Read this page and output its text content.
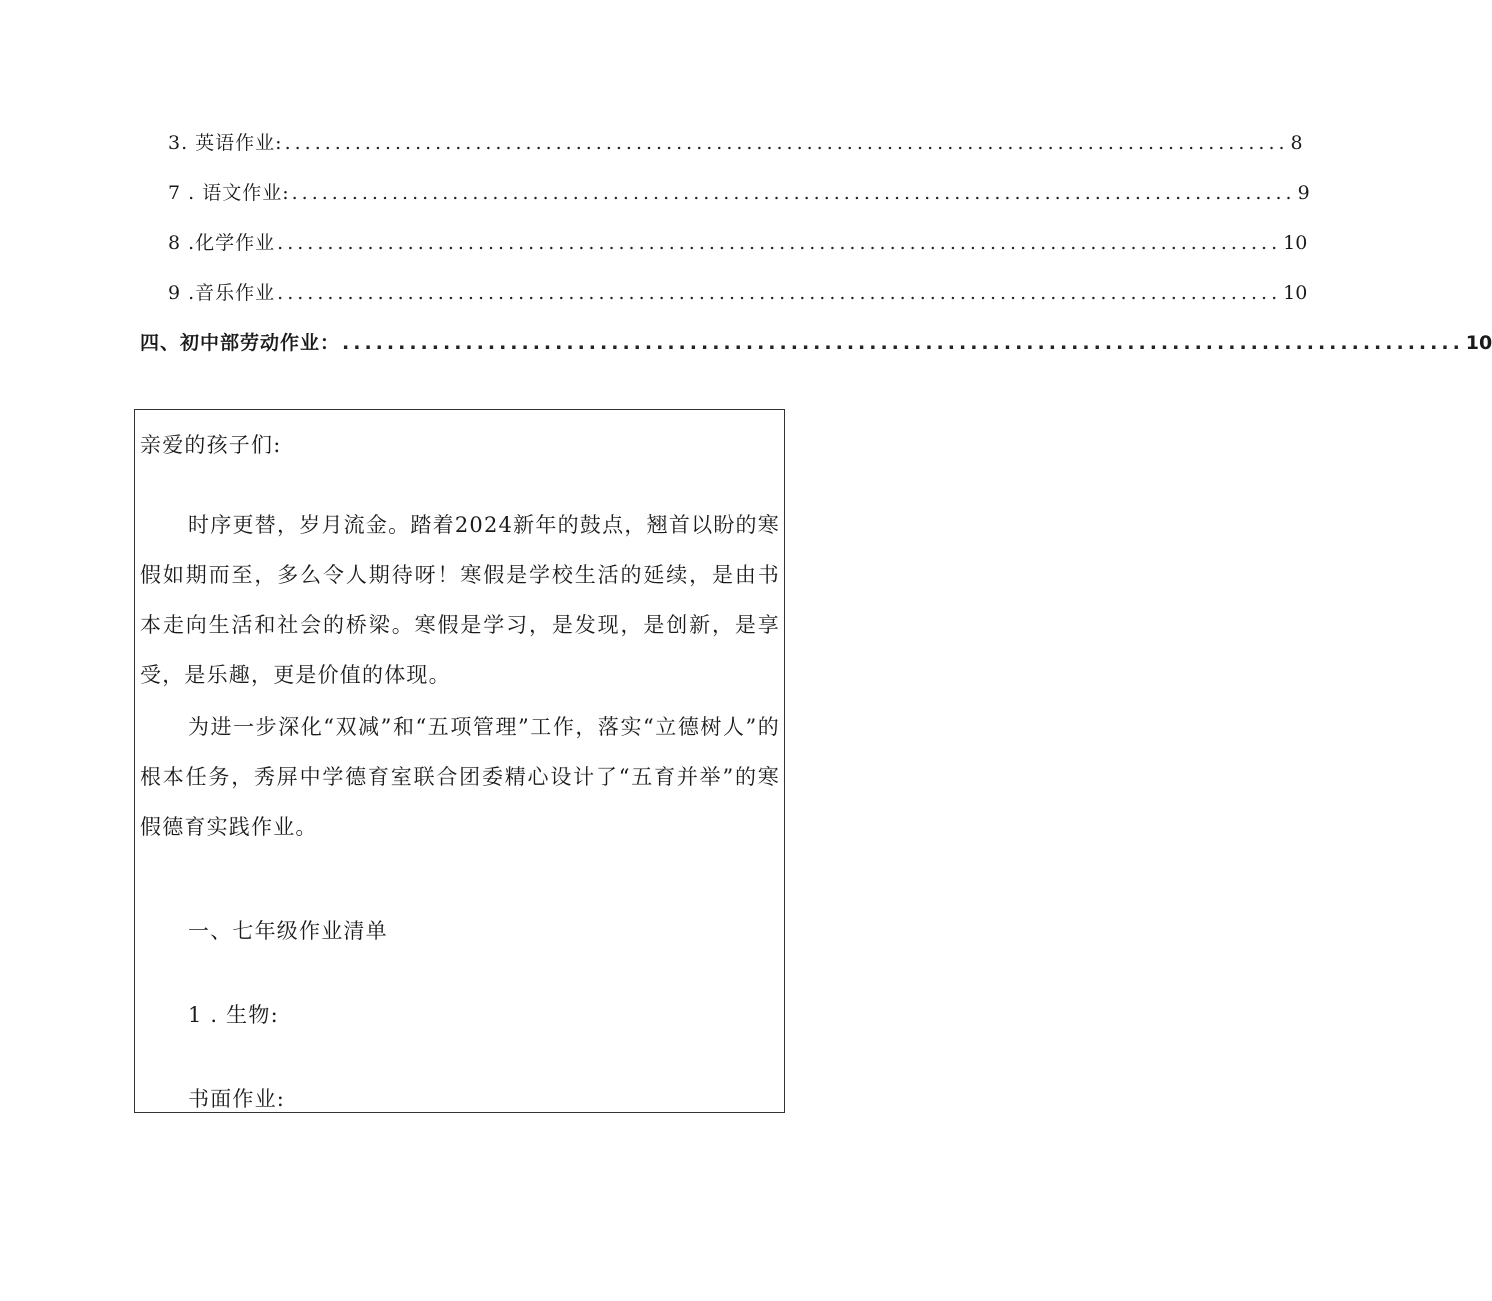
3. 英语作业: .................................................................................................... 8
7 . 语文作业: .................................................................................................... 9
8 .化学作业 .................................................................................................... 10
9 .音乐作业 .................................................................................................... 10
四、初中部劳动作业： .................................................................................................... 10

亲爱的孩子们:

时序更替，岁月流金。踏着2024新年的鼓点，翘首以盼的寒假如期而至，多么令人期待呀！寒假是学校生活的延续，是由书本走向生活和社会的桥梁。寒假是学习，是发现，是创新，是享受，是乐趣，更是价值的体现。

为进一步深化“双减”和“五项管理”工作，落实“立德树人”的根本任务，秀屏中学德育室联合团委精心设计了“五育并举”的寒假德育实践作业。

一、七年级作业清单

1 . 生物:

书面作业:
